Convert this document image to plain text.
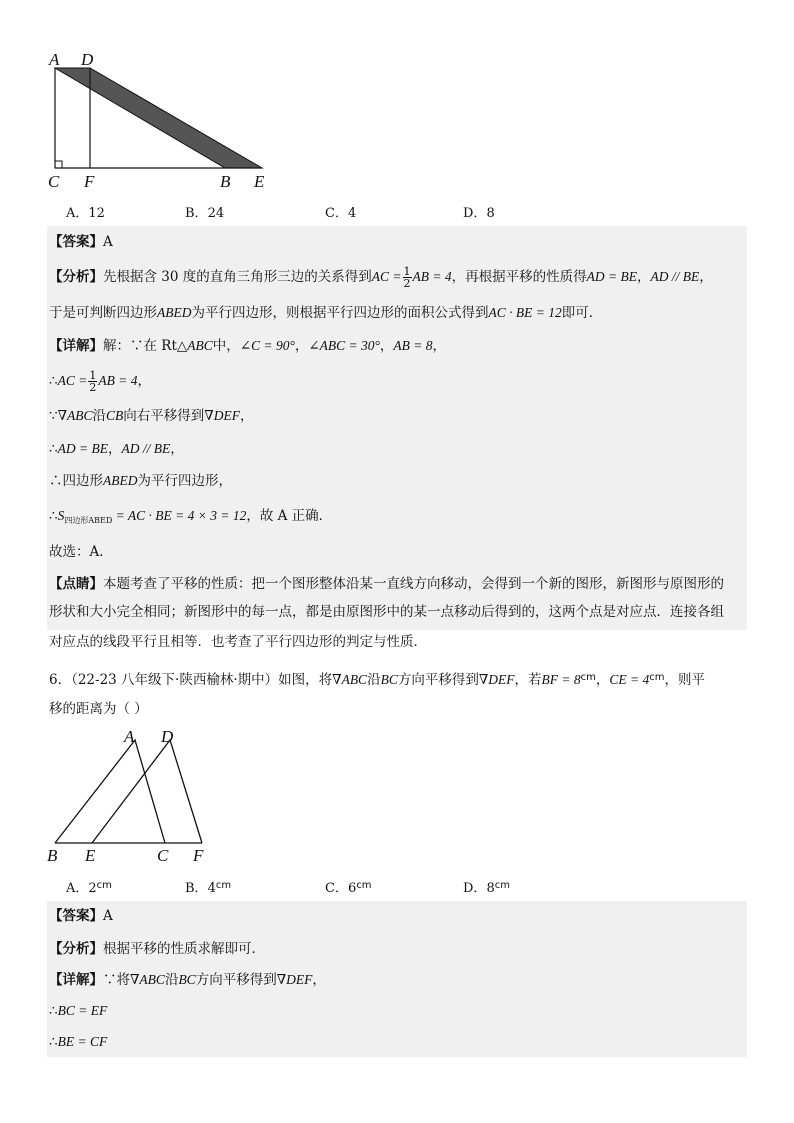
A D
C F	B E
A．12	B．24	C．4	D．8
【答案】A
【分析】先根据含 30 度的直角三角形三边的关系得到AC = $\frac{1}{2}$ AB = 4，再根据平移的性质得AD = BE，AD // BE，
于是可判断四边形ABED为平行四边形，则根据平行四边形的面积公式得到AC · BE = 12即可．
【详解】解：∵在 Rt△ABC中，∠C = 90°，∠ABC = 30°，AB = 8，
∴AC = $\frac{1}{2}$ AB = 4，
∵∇ABC沿CB向右平移得到∇DEF，
∴AD = BE，AD // BE，
∴四边形ABED为平行四边形，
$\therefore S_{四边形ABED}$ = AC · BE = 4 × 3 = 12，故 A 正确．
故选：A．
【点睛】本题考查了平移的性质：把一个图形整体沿某一直线方向移动，会得到一个新的图形，新图形与原图形的
形状和大小完全相同；新图形中的每一点，都是由原图形中的某一点移动后得到的，这两个点是对应点．连接各组
对应点的线段平行且相等．也考查了平行四边形的判定与性质．
6．（22-23 八年级下·陕西榆林·期中）如图，将∇ABC沿BC方向平移得到∇DEF，若BF = $8^{cm}$，CE = $4^{cm}$，则平
移的距离为（ ）
A D
B E	C F
A．$2^{cm}$	B．$4^{cm}$	C．$6^{cm}$	D．$8^{cm}$
【答案】A
【分析】根据平移的性质求解即可．
【详解】∵将∇ABC沿BC方向平移得到∇DEF，
∴BC = EF
∴BE = CF
